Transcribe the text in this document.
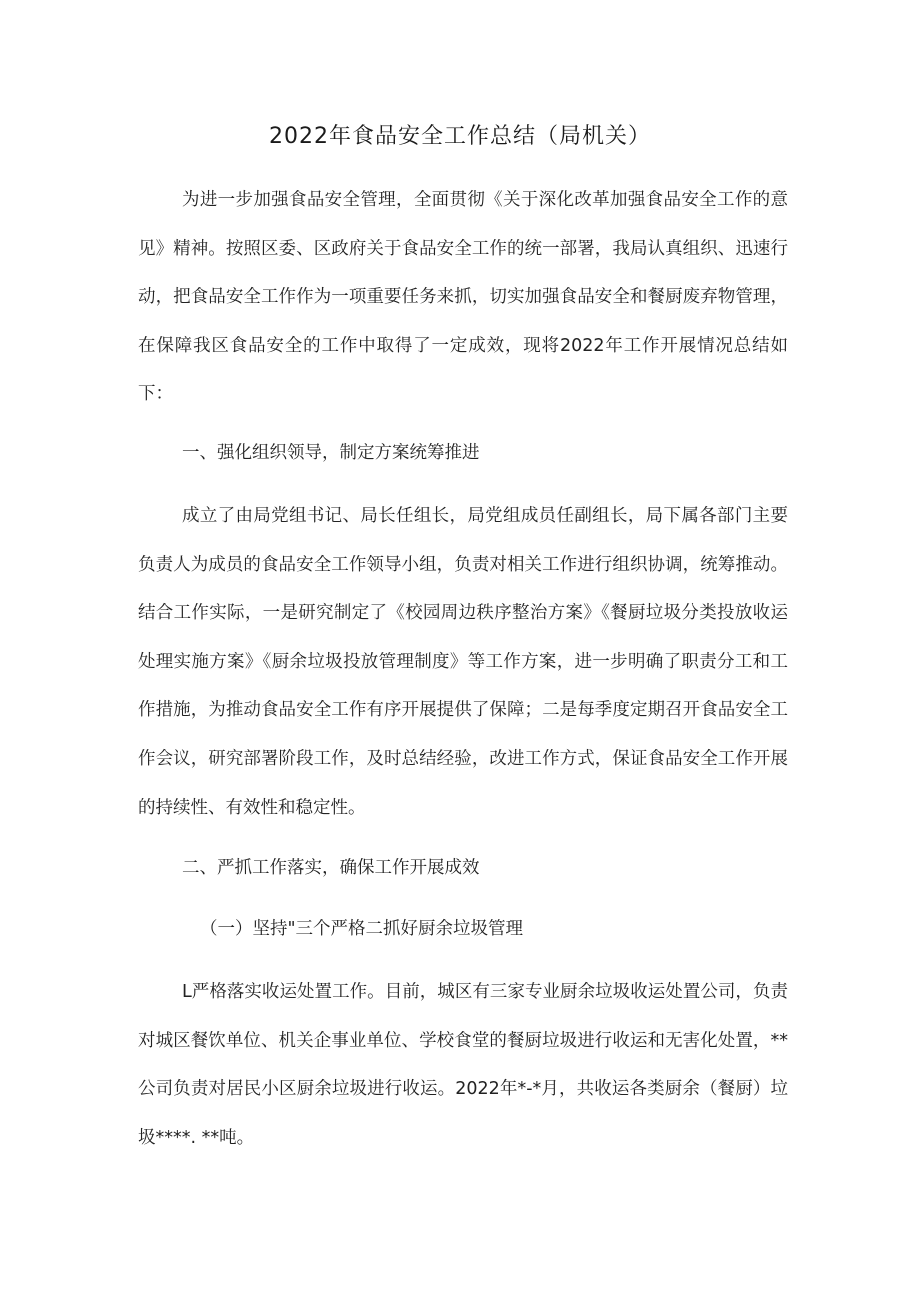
2022年食品安全工作总结（局机关）
为进一步加强食品安全管理，全面贯彻《关于深化改革加强食品安全工作的意见》精神。按照区委、区政府关于食品安全工作的统一部署，我局认真组织、迅速行动，把食品安全工作作为一项重要任务来抓，切实加强食品安全和餐厨废弃物管理，在保障我区食品安全的工作中取得了一定成效，现将2022年工作开展情况总结如下：
一、强化组织领导，制定方案统筹推进
成立了由局党组书记、局长任组长，局党组成员任副组长，局下属各部门主要负责人为成员的食品安全工作领导小组，负责对相关工作进行组织协调，统筹推动。结合工作实际，一是研究制定了《校园周边秩序整治方案》《餐厨垃圾分类投放收运处理实施方案》《厨余垃圾投放管理制度》等工作方案，进一步明确了职责分工和工作措施，为推动食品安全工作有序开展提供了保障；二是每季度定期召开食品安全工作会议，研究部署阶段工作，及时总结经验，改进工作方式，保证食品安全工作开展的持续性、有效性和稳定性。
二、严抓工作落实，确保工作开展成效
（一）坚持"三个严格二抓好厨余垃圾管理
L严格落实收运处置工作。目前，城区有三家专业厨余垃圾收运处置公司，负责对城区餐饮单位、机关企事业单位、学校食堂的餐厨垃圾进行收运和无害化处置，**公司负责对居民小区厨余垃圾进行收运。2022年*-*月，共收运各类厨余（餐厨）垃圾****. **吨。
